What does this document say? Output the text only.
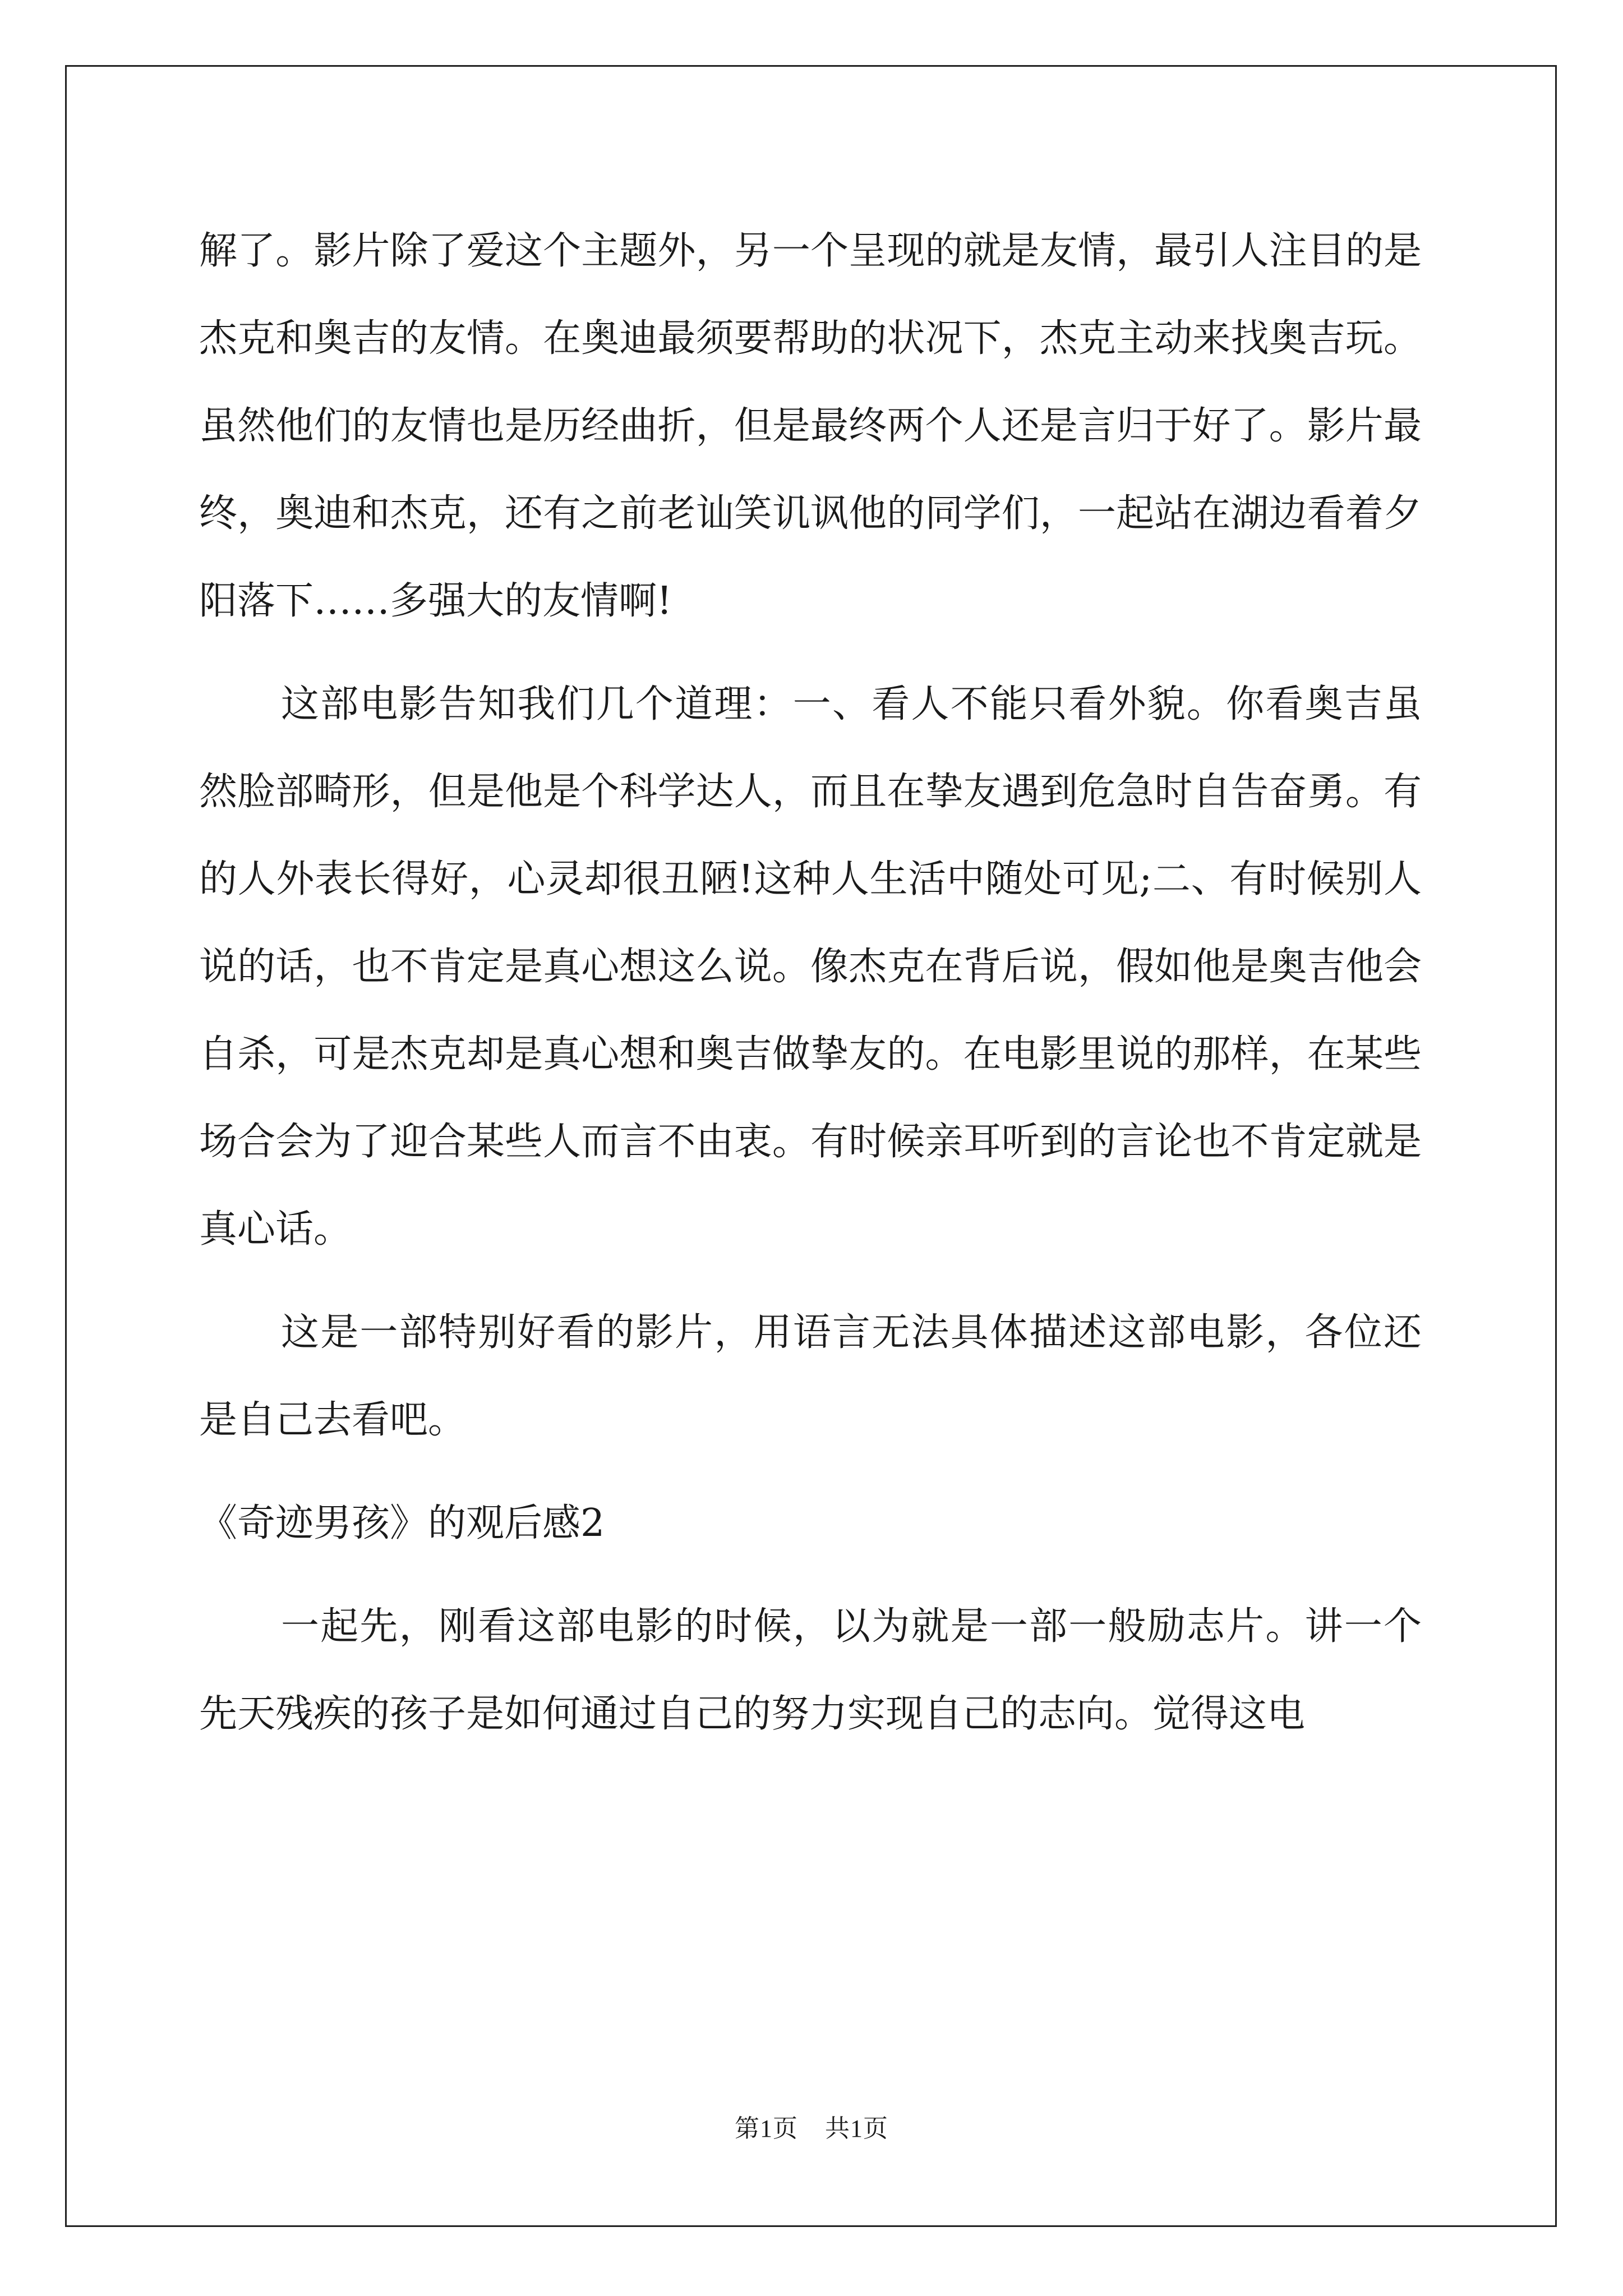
解了。影片除了爱这个主题外，另一个呈现的就是友情，最引人注目的是杰克和奥吉的友情。在奥迪最须要帮助的状况下，杰克主动来找奥吉玩。虽然他们的友情也是历经曲折，但是最终两个人还是言归于好了。影片最终，奥迪和杰克，还有之前老讪笑讥讽他的同学们，一起站在湖边看着夕阳落下……多强大的友情啊!

这部电影告知我们几个道理：一、看人不能只看外貌。你看奥吉虽然脸部畸形，但是他是个科学达人，而且在挚友遇到危急时自告奋勇。有的人外表长得好，心灵却很丑陋!这种人生活中随处可见;二、有时候别人说的话，也不肯定是真心想这么说。像杰克在背后说，假如他是奥吉他会自杀，可是杰克却是真心想和奥吉做挚友的。在电影里说的那样，在某些场合会为了迎合某些人而言不由衷。有时候亲耳听到的言论也不肯定就是真心话。

这是一部特别好看的影片，用语言无法具体描述这部电影，各位还是自己去看吧。

《奇迹男孩》的观后感2

一起先，刚看这部电影的时候，以为就是一部一般励志片。讲一个先天残疾的孩子是如何通过自己的努力实现自己的志向。觉得这电

第1页 共1页
